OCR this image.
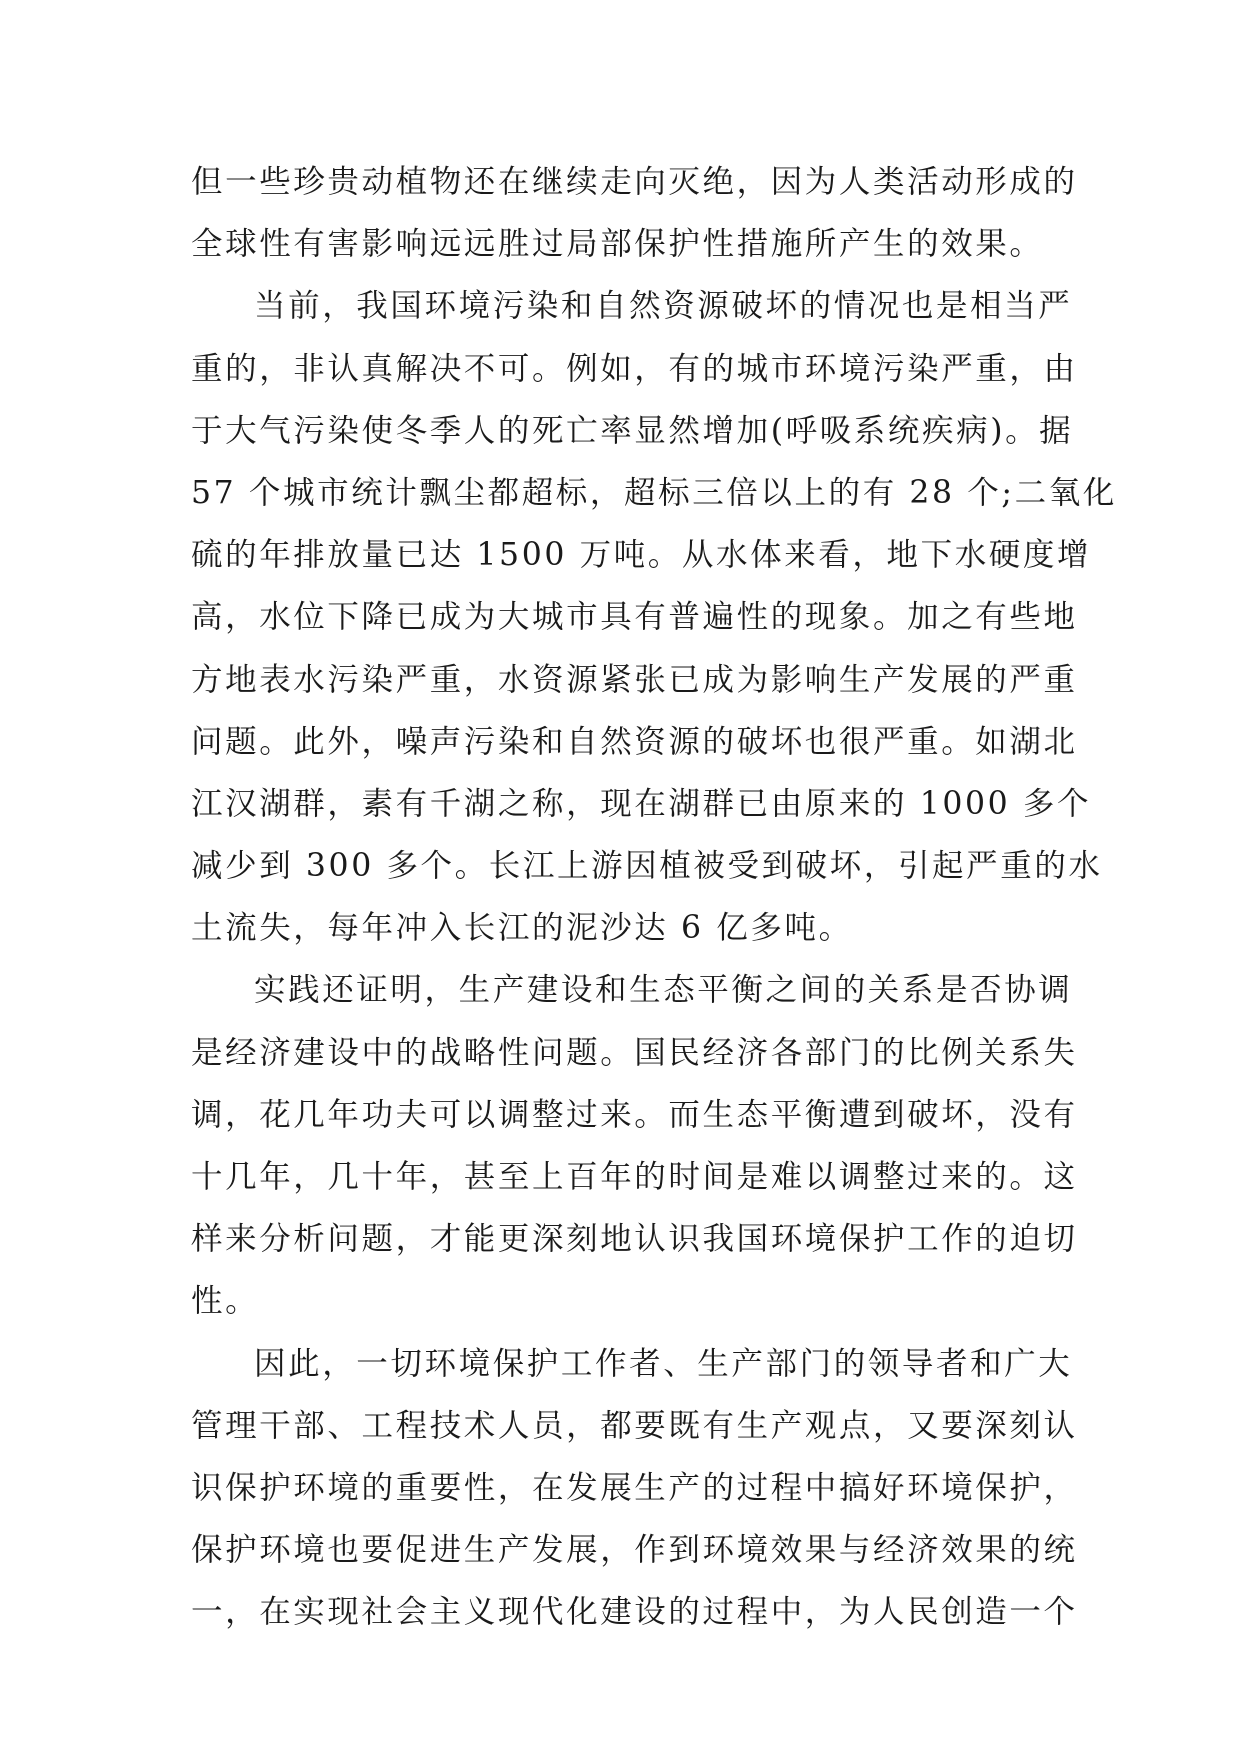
但一些珍贵动植物还在继续走向灭绝，因为人类活动形成的
全球性有害影响远远胜过局部保护性措施所产生的效果。
当前，我国环境污染和自然资源破坏的情况也是相当严
重的，非认真解决不可。例如，有的城市环境污染严重，由
于大气污染使冬季人的死亡率显然增加(呼吸系统疾病)。据
57 个城市统计飘尘都超标，超标三倍以上的有 28 个;二氧化
硫的年排放量已达 1500 万吨。从水体来看，地下水硬度增
高，水位下降已成为大城市具有普遍性的现象。加之有些地
方地表水污染严重，水资源紧张已成为影响生产发展的严重
问题。此外，噪声污染和自然资源的破坏也很严重。如湖北
江汉湖群，素有千湖之称，现在湖群已由原来的 1000 多个
减少到 300 多个。长江上游因植被受到破坏，引起严重的水
土流失，每年冲入长江的泥沙达 6 亿多吨。
实践还证明，生产建设和生态平衡之间的关系是否协调
是经济建设中的战略性问题。国民经济各部门的比例关系失
调，花几年功夫可以调整过来。而生态平衡遭到破坏，没有
十几年，几十年，甚至上百年的时间是难以调整过来的。这
样来分析问题，才能更深刻地认识我国环境保护工作的迫切
性。
因此，一切环境保护工作者、生产部门的领导者和广大
管理干部、工程技术人员，都要既有生产观点，又要深刻认
识保护环境的重要性，在发展生产的过程中搞好环境保护，
保护环境也要促进生产发展，作到环境效果与经济效果的统
一，在实现社会主义现代化建设的过程中，为人民创造一个
